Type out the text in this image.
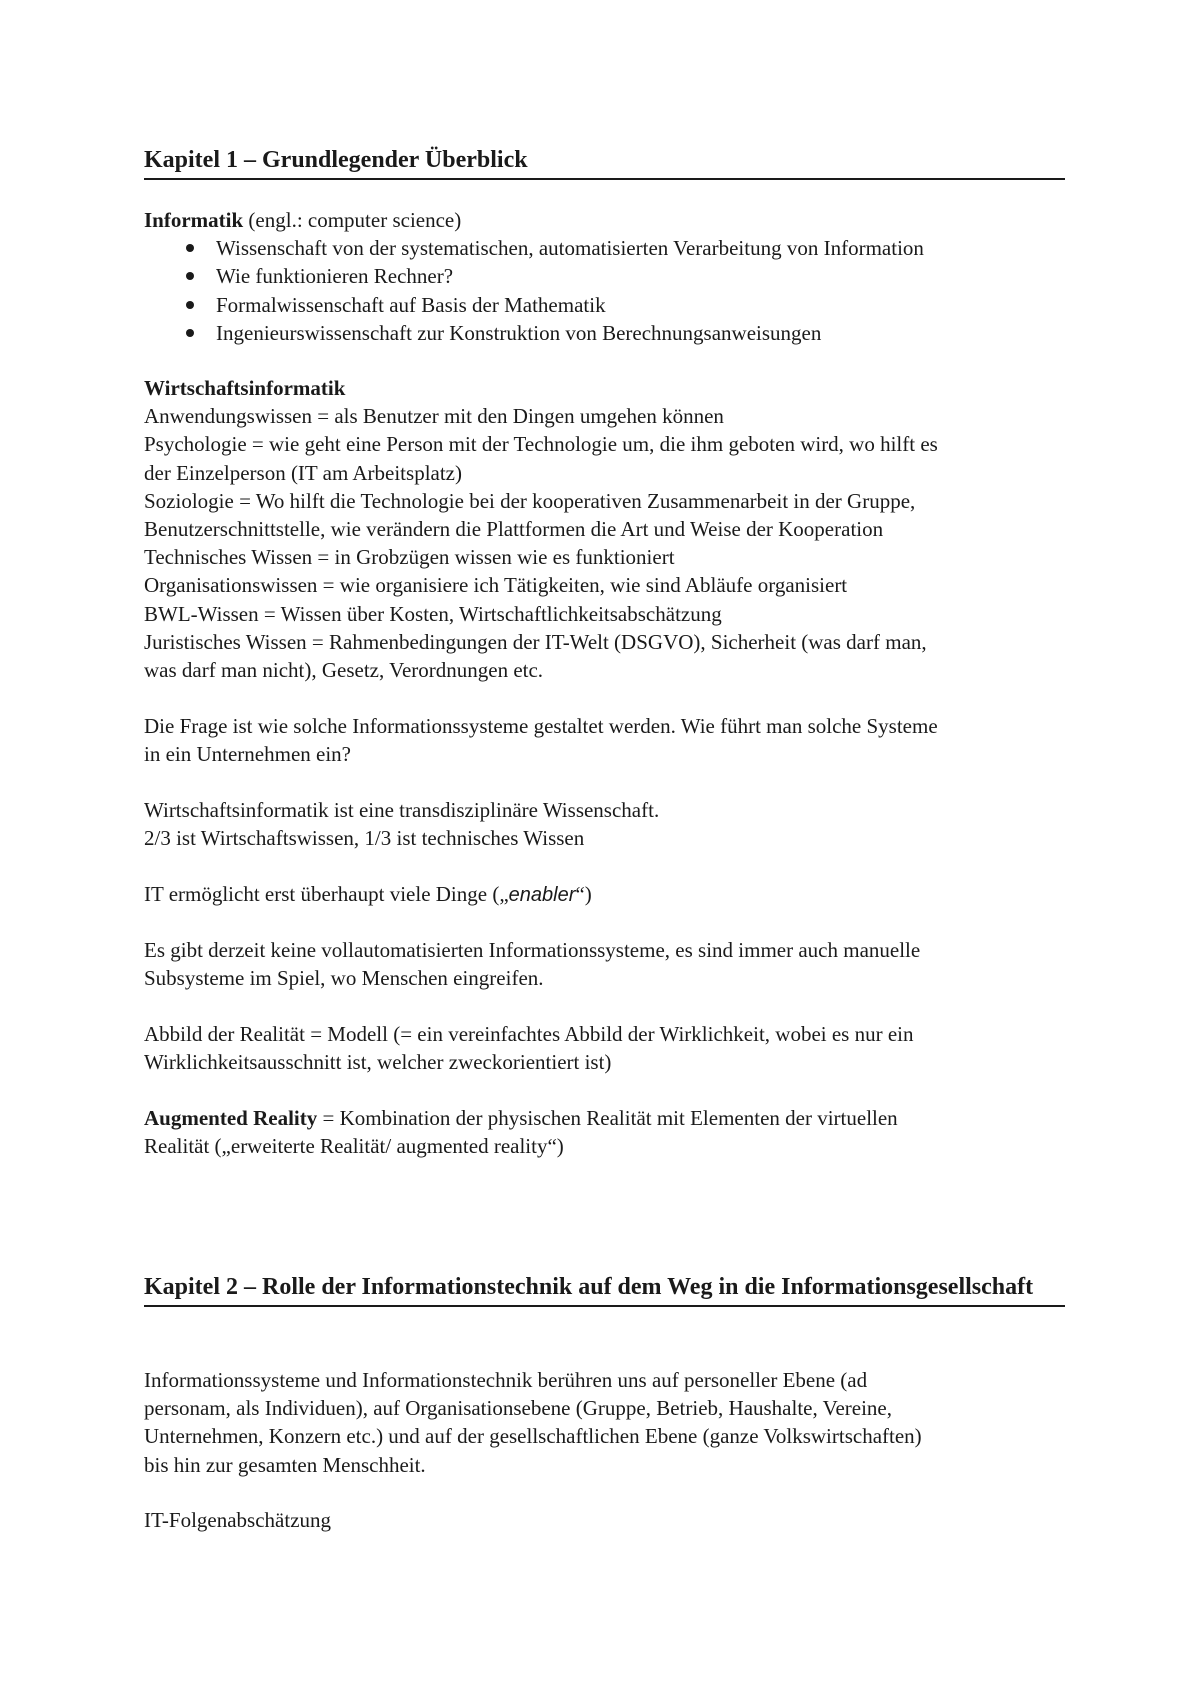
Kapitel 1 – Grundlegender Überblick
Informatik (engl.: computer science)
Wissenschaft von der systematischen, automatisierten Verarbeitung von Information
Wie funktionieren Rechner?
Formalwissenschaft auf Basis der Mathematik
Ingenieurswissenschaft zur Konstruktion von Berechnungsanweisungen
Wirtschaftsinformatik
Anwendungswissen = als Benutzer mit den Dingen umgehen können
Psychologie = wie geht eine Person mit der Technologie um, die ihm geboten wird, wo hilft es
der Einzelperson (IT am Arbeitsplatz)
Soziologie = Wo hilft die Technologie bei der kooperativen Zusammenarbeit in der Gruppe,
Benutzerschnittstelle, wie verändern die Plattformen die Art und Weise der Kooperation
Technisches Wissen = in Grobzügen wissen wie es funktioniert
Organisationswissen = wie organisiere ich Tätigkeiten, wie sind Abläufe organisiert
BWL-Wissen = Wissen über Kosten, Wirtschaftlichkeitsabschätzung
Juristisches Wissen = Rahmenbedingungen der IT-Welt (DSGVO), Sicherheit (was darf man,
was darf man nicht), Gesetz, Verordnungen etc.
Die Frage ist wie solche Informationssysteme gestaltet werden. Wie führt man solche Systeme
in ein Unternehmen ein?
Wirtschaftsinformatik ist eine transdisziplinäre Wissenschaft.
2/3 ist Wirtschaftswissen, 1/3 ist technisches Wissen
IT ermöglicht erst überhaupt viele Dinge („enabler“)
Es gibt derzeit keine vollautomatisierten Informationssysteme, es sind immer auch manuelle
Subsysteme im Spiel, wo Menschen eingreifen.
Abbild der Realität = Modell (= ein vereinfachtes Abbild der Wirklichkeit, wobei es nur ein
Wirklichkeitsausschnitt ist, welcher zweckorientiert ist)
Augmented Reality = Kombination der physischen Realität mit Elementen der virtuellen
Realität („erweiterte Realität/ augmented reality“)
Kapitel 2 – Rolle der Informationstechnik auf dem Weg in die Informationsgesellschaft
Informationssysteme und Informationstechnik berühren uns auf personeller Ebene (ad
personam, als Individuen), auf Organisationsebene (Gruppe, Betrieb, Haushalte, Vereine,
Unternehmen, Konzern etc.) und auf der gesellschaftlichen Ebene (ganze Volkswirtschaften)
bis hin zur gesamten Menschheit.
IT-Folgenabschätzung
